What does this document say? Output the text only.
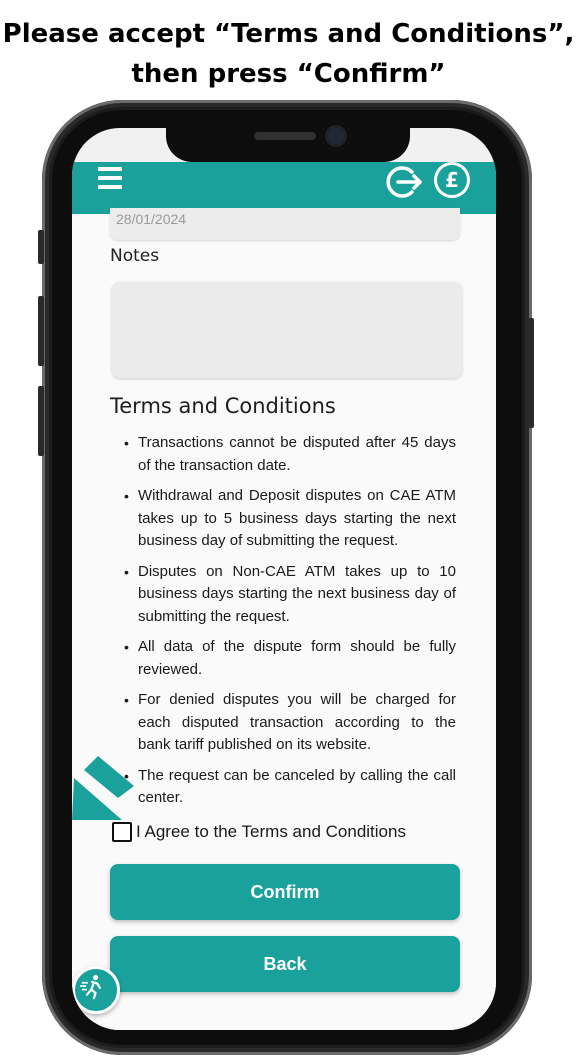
Please accept “Terms and Conditions”,
then press “Confirm”
£
28/01/2024
Notes
Terms and Conditions
• Transactions cannot be disputed after 45 days of the transaction date.
• Withdrawal and Deposit disputes on CAE ATM takes up to 5 business days starting the next business day of submitting the request.
• Disputes on Non-CAE ATM takes up to 10 business days starting the next business day of submitting the request.
• All data of the dispute form should be fully reviewed.
• For denied disputes you will be charged for each disputed transaction according to the bank tariff published on its website.
• The request can be canceled by calling the call center.
I Agree to the Terms and Conditions
Confirm
Back
